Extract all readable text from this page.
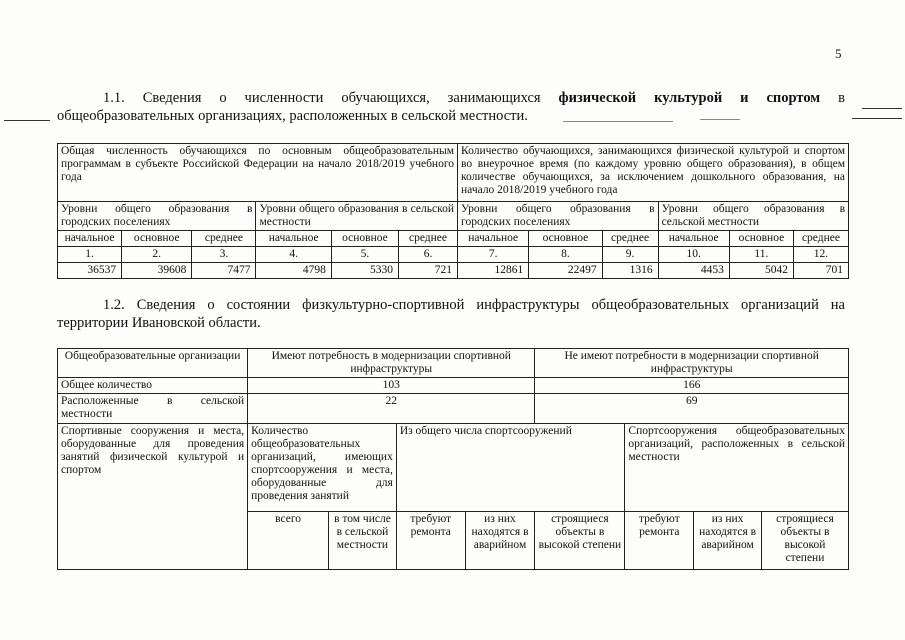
5
1.1. Сведения о численности обучающихся, занимающихся физической культурой и спортом в
общеобразовательных организациях, расположенных в сельской местности.
Общая численность обучающихся по основным общеобразовательным программам в субъекте Российской Федерации на начало 2018/2019 учебного года						Количество обучающихся, занимающихся физической культурой и спортом во внеурочное время (по каждому уровню общего образования), в общем количестве обучающихся, за исключением дошкольного образования, на начало 2018/2019 учебного года					
Уровни общего образования в городских поселениях			Уровни общего образования в сельской местности			Уровни общего образования в городских поселениях			Уровни общего образования в сельской местности		
начальное	основное	среднее	начальное	основное	среднее	начальное	основное	среднее	начальное	основное	среднее
1.	2.	3.	4.	5.	6.	7.	8.	9.	10.	11.	12.
36537	39608	7477	4798	5330	721	12861	22497	1316	4453	5042	701
1.2. Сведения о состоянии физкультурно-спортивной инфраструктуры общеобразовательных организаций на
территории Ивановской области.
Общеобразовательные организации	Имеют потребность в модернизации спортивной инфраструктуры				Не имеют потребности в модернизации спортивной инфраструктуры			
Общее количество	103				166			
Расположенные в сельской местности	22				69			
Спортивные сооружения и места, оборудованные для проведения занятий физической культурой и спортом	Количество общеобразовательных организаций, имеющих спортсооружения и места, оборудованные для проведения занятий		Из общего числа спортсооружений			Спортсооружения общеобразовательных организаций, расположенных в сельской местности		
	всего	в том числе в сельской местности	требуют ремонта	из них находятся в аварийном	строящиеся объекты в высокой степени	требуют ремонта	из них находятся в аварийном	строящиеся объекты в высокой степени
